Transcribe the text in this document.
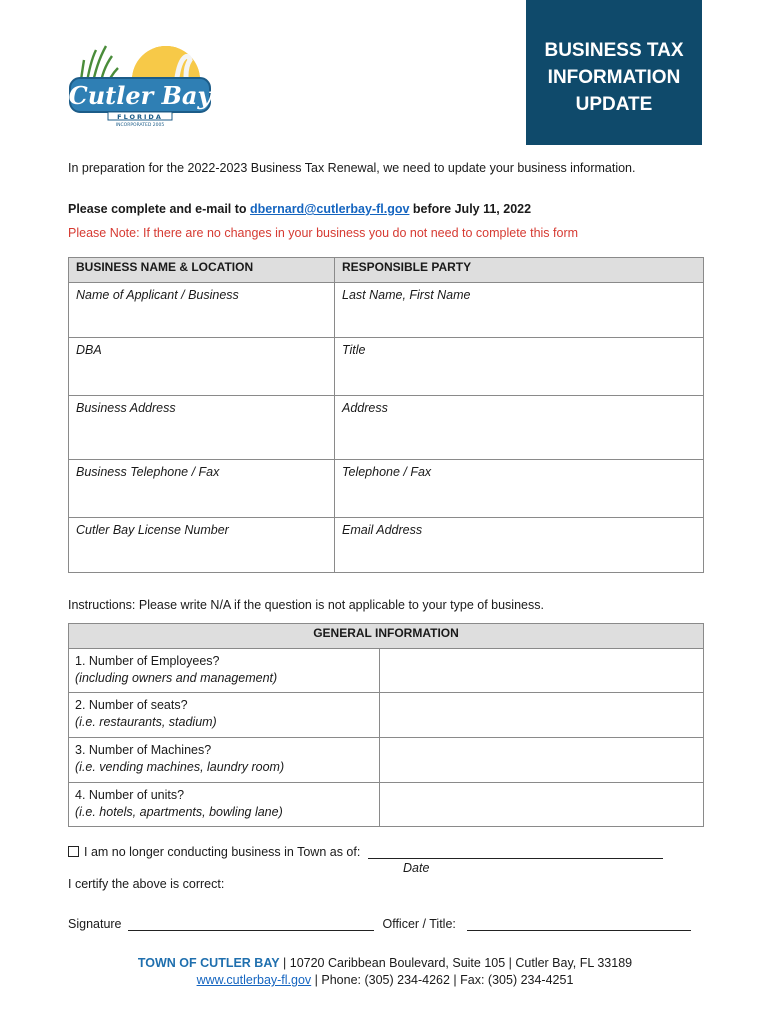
Cutler Bay
FLORIDA
INCORPORATED 2005
BUSINESS TAX
INFORMATION
UPDATE
In preparation for the 2022-2023 Business Tax Renewal, we need to update your business information.
Please complete and e-mail to dbernard@cutlerbay-fl.gov before July 11, 2022
Please Note: If there are no changes in your business you do not need to complete this form
BUSINESS NAME & LOCATION	RESPONSIBLE PARTY
Name of Applicant / Business	Last Name, First Name
DBA	Title
Business Address	Address
Business Telephone / Fax	Telephone / Fax
Cutler Bay License Number	Email Address
Instructions: Please write N/A if the question is not applicable to your type of business.
GENERAL INFORMATION	

1. Number of Employees?
(including owners and management)	

2. Number of seats?
(i.e. restaurants, stadium)	

3. Number of Machines?
(i.e. vending machines, laundry room)	

4. Number of units?
(i.e. hotels, apartments, bowling lane)	
I am no longer conducting business in Town as of:
Date
I certify the above is correct:
Signature	Officer / Title:
TOWN OF CUTLER BAY | 10720 Caribbean Boulevard, Suite 105 | Cutler Bay, FL 33189
www.cutlerbay-fl.gov | Phone: (305) 234-4262 | Fax: (305) 234-4251
